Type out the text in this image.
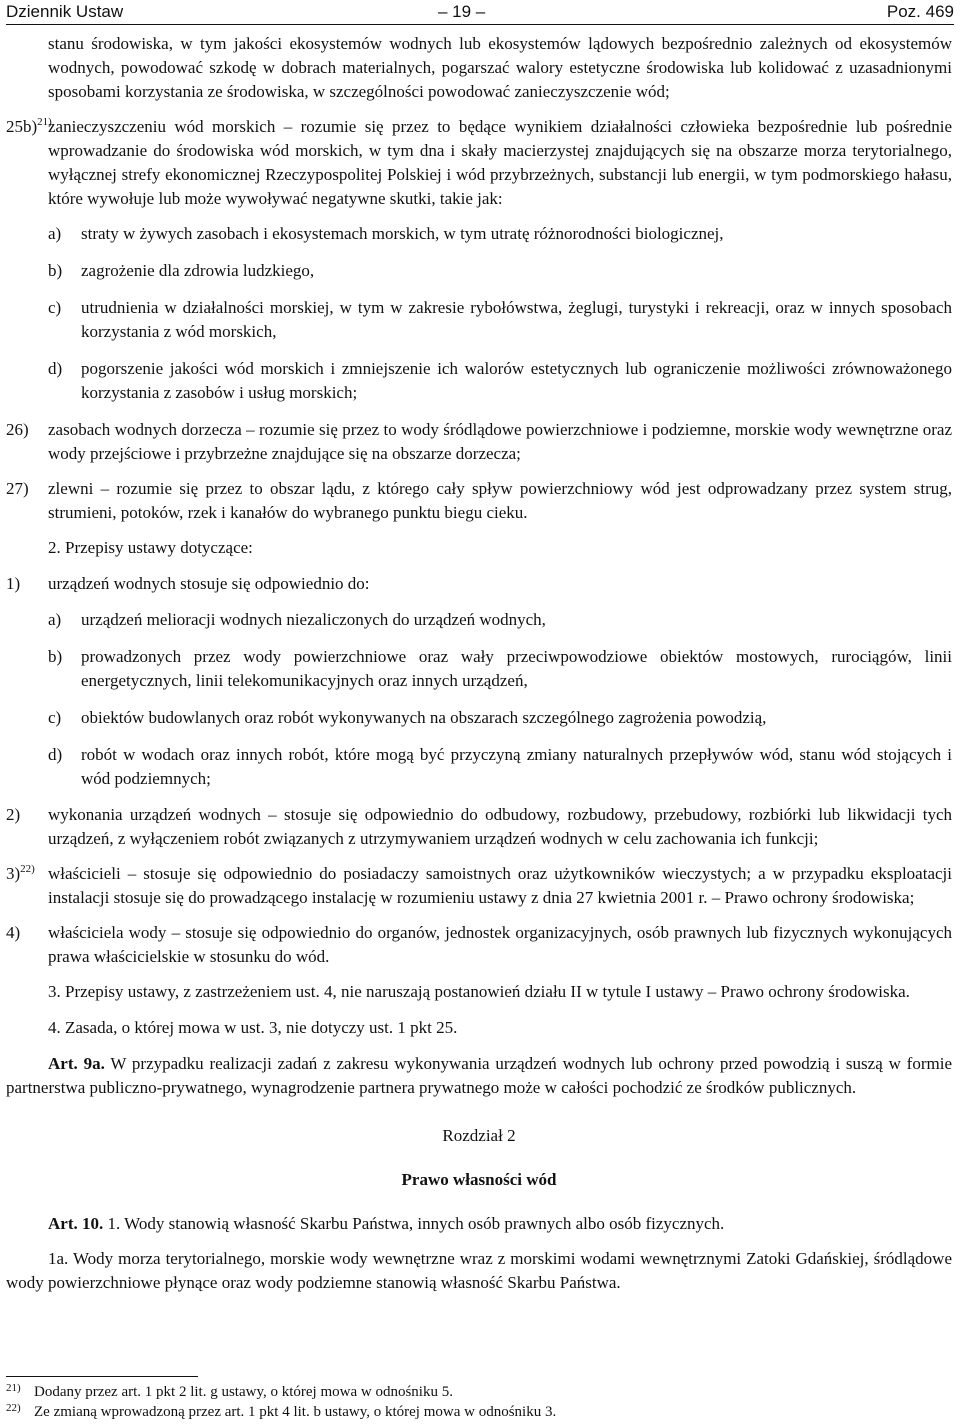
Dziennik Ustaw	– 19 –	Poz. 469
stanu środowiska, w tym jakości ekosystemów wodnych lub ekosystemów lądowych bezpośrednio zależnych od ekosystemów wodnych, powodować szkodę w dobrach materialnych, pogarszać walory estetyczne środowiska lub kolidować z uzasadnionymi sposobami korzystania ze środowiska, w szczególności powodować zanieczyszczenie wód;
25b)$^{21)}$
zanieczyszczeniu wód morskich – rozumie się przez to będące wynikiem działalności człowieka bezpośrednie lub pośrednie wprowadzanie do środowiska wód morskich, w tym dna i skały macierzystej znajdujących się na obszarze morza terytorialnego, wyłącznej strefy ekonomicznej Rzeczypospolitej Polskiej i wód przybrzeżnych, substancji lub energii, w tym podmorskiego hałasu, które wywołuje lub może wywoływać negatywne skutki, takie jak:
a) straty w żywych zasobach i ekosystemach morskich, w tym utratę różnorodności biologicznej,
b) zagrożenie dla zdrowia ludzkiego,
c) utrudnienia w działalności morskiej, w tym w zakresie rybołówstwa, żeglugi, turystyki i rekreacji, oraz w innych sposobach korzystania z wód morskich,
d) pogorszenie jakości wód morskich i zmniejszenie ich walorów estetycznych lub ograniczenie możliwości zrównoważonego korzystania z zasobów i usług morskich;
26) zasobach wodnych dorzecza – rozumie się przez to wody śródlądowe powierzchniowe i podziemne, morskie wody wewnętrzne oraz wody przejściowe i przybrzeżne znajdujące się na obszarze dorzecza;
27) zlewni – rozumie się przez to obszar lądu, z którego cały spływ powierzchniowy wód jest odprowadzany przez system strug, strumieni, potoków, rzek i kanałów do wybranego punktu biegu cieku.

2. Przepisy ustawy dotyczące:

1) urządzeń wodnych stosuje się odpowiednio do:
a) urządzeń melioracji wodnych niezaliczonych do urządzeń wodnych,
b) prowadzonych przez wody powierzchniowe oraz wały przeciwpowodziowe obiektów mostowych, rurociągów, linii energetycznych, linii telekomunikacyjnych oraz innych urządzeń,
c) obiektów budowlanych oraz robót wykonywanych na obszarach szczególnego zagrożenia powodzią,
d) robót w wodach oraz innych robót, które mogą być przyczyną zmiany naturalnych przepływów wód, stanu wód stojących i wód podziemnych;
2) wykonania urządzeń wodnych – stosuje się odpowiednio do odbudowy, rozbudowy, przebudowy, rozbiórki lub likwidacji tych urządzeń, z wyłączeniem robót związanych z utrzymywaniem urządzeń wodnych w celu zachowania ich funkcji;
3)$^{22)}$ właścicieli – stosuje się odpowiednio do posiadaczy samoistnych oraz użytkowników wieczystych; a w przypadku eksploatacji instalacji stosuje się do prowadzącego instalację w rozumieniu ustawy z dnia 27 kwietnia 2001 r. – Prawo ochrony środowiska;
4) właściciela wody – stosuje się odpowiednio do organów, jednostek organizacyjnych, osób prawnych lub fizycznych wykonujących prawa właścicielskie w stosunku do wód.

3. Przepisy ustawy, z zastrzeżeniem ust. 4, nie naruszają postanowień działu II w tytule I ustawy – Prawo ochrony środowiska.

4. Zasada, o której mowa w ust. 3, nie dotyczy ust. 1 pkt 25.

Art. 9a. W przypadku realizacji zadań z zakresu wykonywania urządzeń wodnych lub ochrony przed powodzią i suszą w formie partnerstwa publiczno-prywatnego, wynagrodzenie partnera prywatnego może w całości pochodzić ze środków publicznych.

Rozdział 2

Prawo własności wód

Art. 10. 1. Wody stanowią własność Skarbu Państwa, innych osób prawnych albo osób fizycznych.

1a. Wody morza terytorialnego, morskie wody wewnętrzne wraz z morskimi wodami wewnętrznymi Zatoki Gdańskiej, śródlądowe wody powierzchniowe płynące oraz wody podziemne stanowią własność Skarbu Państwa.

21) Dodany przez art. 1 pkt 2 lit. g ustawy, o której mowa w odnośniku 5.
22) Ze zmianą wprowadzoną przez art. 1 pkt 4 lit. b ustawy, o której mowa w odnośniku 3.
